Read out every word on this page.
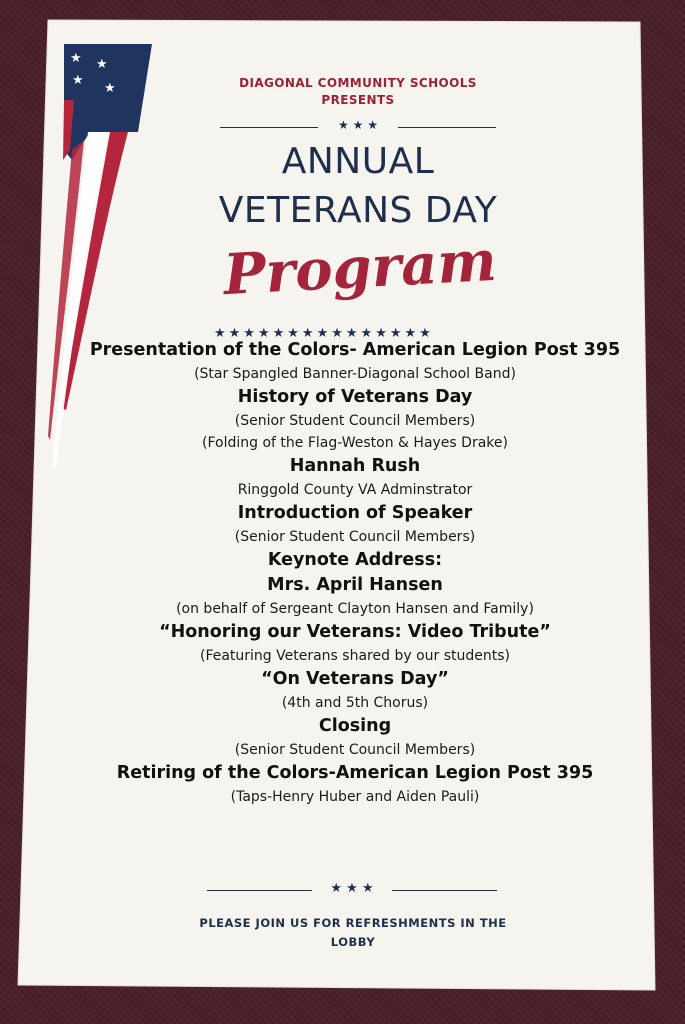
★ ★
★
★	DIAGONAL COMMUNITY SCHOOLS
PRESENTS
★ ★ ★
ANNUAL
VETERANS DAY
Program
★★★★★★★★★★★★★★★
Presentation of the Colors- American Legion Post 395
(Star Spangled Banner-Diagonal School Band)
History of Veterans Day
(Senior Student Council Members)
(Folding of the Flag-Weston & Hayes Drake)
Hannah Rush
Ringgold County VA Adminstrator
Introduction of Speaker
(Senior Student Council Members)
Keynote Address:
Mrs. April Hansen
(on behalf of Sergeant Clayton Hansen and Family)
“Honoring our Veterans: Video Tribute”
(Featuring Veterans shared by our students)
“On Veterans Day”
(4th and 5th Chorus)
Closing
(Senior Student Council Members)
Retiring of the Colors-American Legion Post 395
(Taps-Henry Huber and Aiden Pauli)
★ ★ ★
PLEASE JOIN US FOR REFRESHMENTS IN THE
LOBBY
